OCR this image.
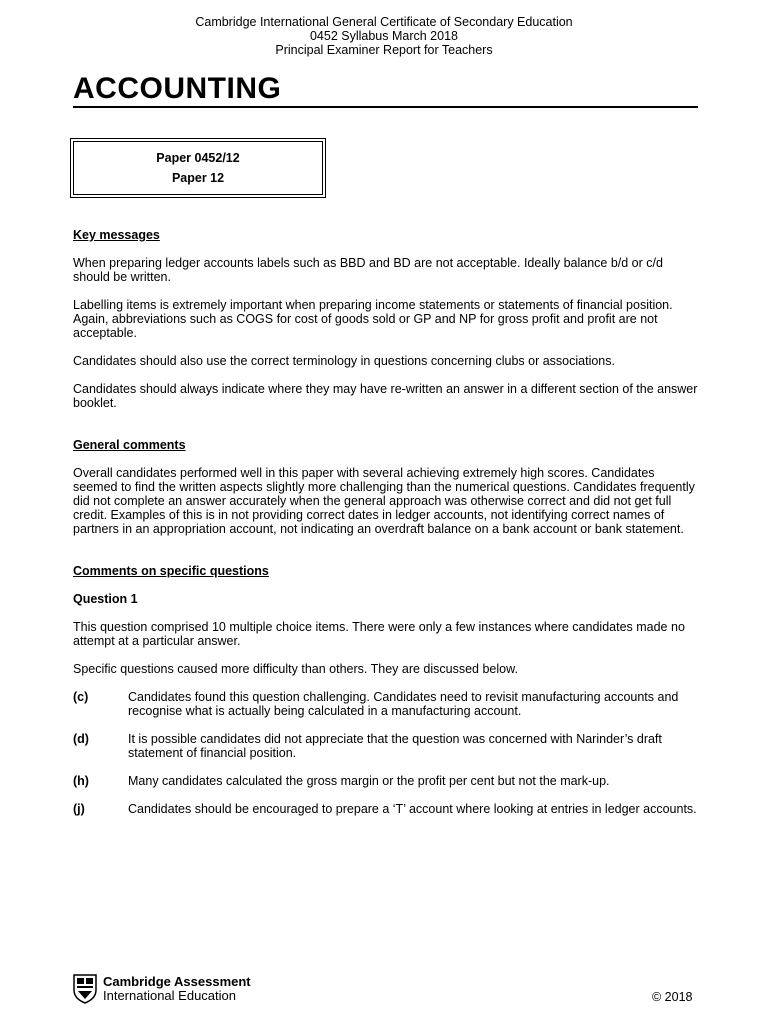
Cambridge International General Certificate of Secondary Education
0452 Syllabus March 2018
Principal Examiner Report for Teachers
ACCOUNTING
Paper 0452/12
Paper 12
Key messages

When preparing ledger accounts labels such as BBD and BD are not acceptable. Ideally balance b/d or c/d should be written.

Labelling items is extremely important when preparing income statements or statements of financial position. Again, abbreviations such as COGS for cost of goods sold or GP and NP for gross profit and profit are not acceptable.

Candidates should also use the correct terminology in questions concerning clubs or associations.

Candidates should always indicate where they may have re-written an answer in a different section of the answer booklet.

General comments

Overall candidates performed well in this paper with several achieving extremely high scores. Candidates seemed to find the written aspects slightly more challenging than the numerical questions. Candidates frequently did not complete an answer accurately when the general approach was otherwise correct and did not get full credit. Examples of this is in not providing correct dates in ledger accounts, not identifying correct names of partners in an appropriation account, not indicating an overdraft balance on a bank account or bank statement.

Comments on specific questions
Question 1

This question comprised 10 multiple choice items. There were only a few instances where candidates made no attempt at a particular answer.

Specific questions caused more difficulty than others. They are discussed below.

(c)	Candidates found this question challenging. Candidates need to revisit manufacturing accounts and recognise what is actually being calculated in a manufacturing account.
(d)	It is possible candidates did not appreciate that the question was concerned with Narinder’s draft statement of financial position.
(h)	Many candidates calculated the gross margin or the profit per cent but not the mark-up.
(j)	Candidates should be encouraged to prepare a ‘T’ account where looking at entries in ledger accounts.
Cambridge Assessment
International Education	© 2018
